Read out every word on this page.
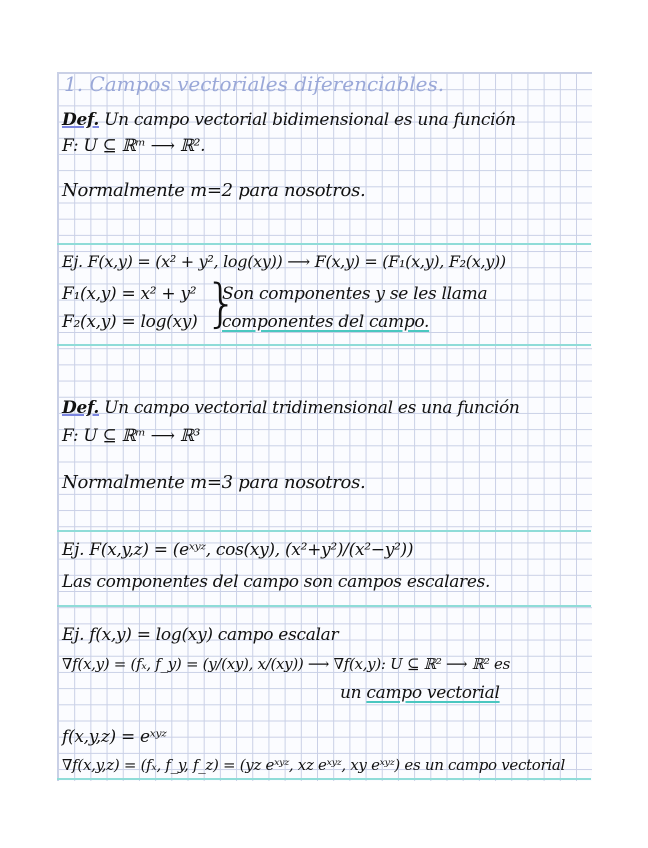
1. Campos vectoriales diferenciables.
Def. Un campo vectorial bidimensional es una función
F: U ⊆ ℝᵐ ⟶ ℝ².
Normalmente m=2 para nosotros.
Ej. F(x,y) = (x² + y², log(xy)) ⟶ F(x,y) = (F₁(x,y), F₂(x,y))
F₁(x,y) = x² + y² }
Son componentes y se les llama
F₂(x,y) = log(xy) componentes del campo.
Def. Un campo vectorial tridimensional es una función
F: U ⊆ ℝᵐ ⟶ ℝ³
Normalmente m=3 para nosotros.
Ej. F(x,y,z) = (eˣʸᶻ, cos(xy), (x²+y²)/(x²−y²))
Las componentes del campo son campos escalares.
Ej. f(x,y) = log(xy) campo escalar
∇f(x,y) = (fₓ, f_y) = (y/(xy), x/(xy)) ⟶ ∇f(x,y): U ⊆ ℝ² ⟶ ℝ² es
un campo vectorial
f(x,y,z) = eˣʸᶻ
∇f(x,y,z) = (fₓ, f_y, f_z) = (yz eˣʸᶻ, xz eˣʸᶻ, xy eˣʸᶻ) es un campo vectorial
